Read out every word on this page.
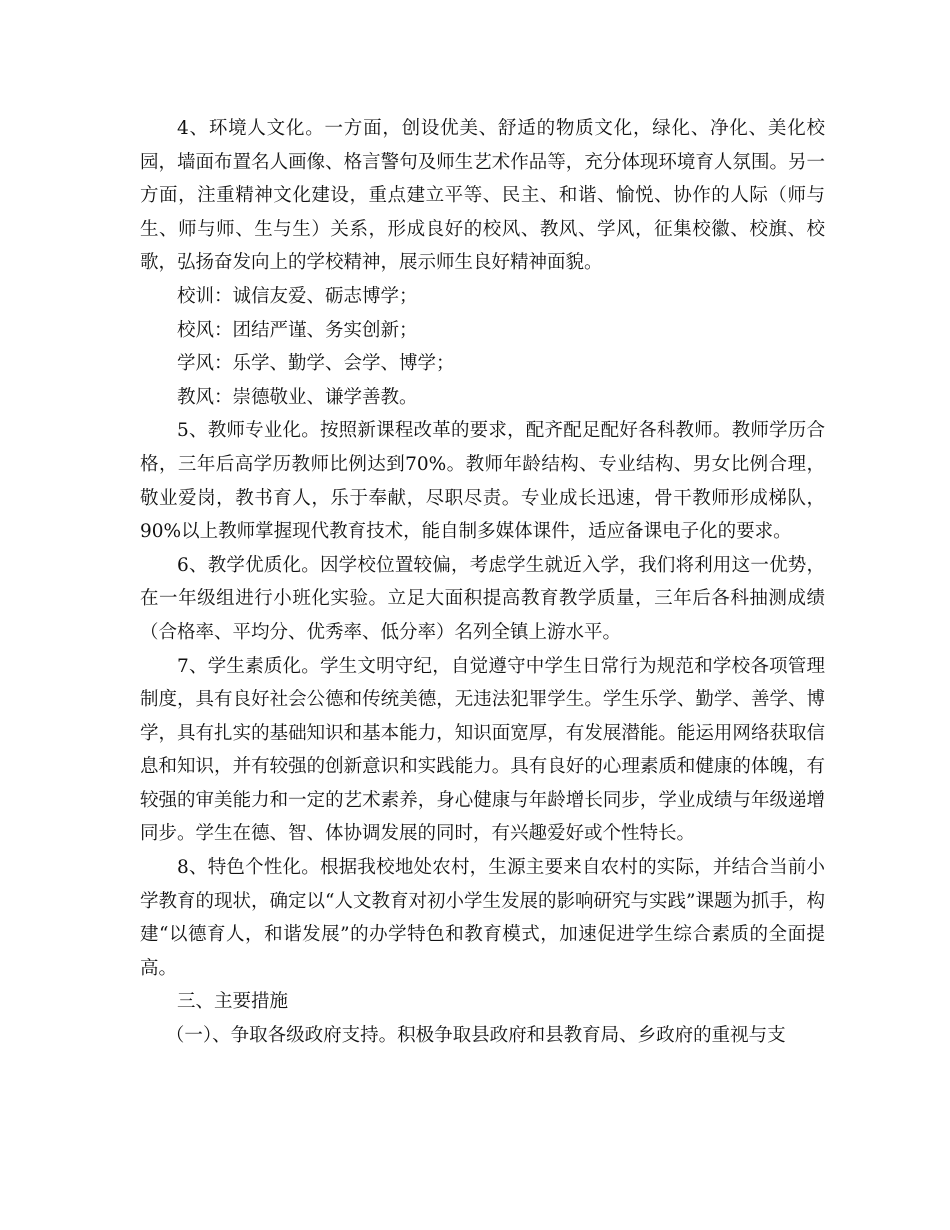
4、环境人文化。一方面，创设优美、舒适的物质文化，绿化、净化、美化校园，墙面布置名人画像、格言警句及师生艺术作品等，充分体现环境育人氛围。另一方面，注重精神文化建设，重点建立平等、民主、和谐、愉悦、协作的人际（师与生、师与师、生与生）关系，形成良好的校风、教风、学风，征集校徽、校旗、校歌，弘扬奋发向上的学校精神，展示师生良好精神面貌。

校训：诚信友爱、砺志博学；

校风：团结严谨、务实创新；

学风：乐学、勤学、会学、博学；

教风：崇德敬业、谦学善教。

5、教师专业化。按照新课程改革的要求，配齐配足配好各科教师。教师学历合格，三年后高学历教师比例达到70%。教师年龄结构、专业结构、男女比例合理，敬业爱岗，教书育人，乐于奉献，尽职尽责。专业成长迅速，骨干教师形成梯队，90%以上教师掌握现代教育技术，能自制多媒体课件，适应备课电子化的要求。

6、教学优质化。因学校位置较偏，考虑学生就近入学，我们将利用这一优势，在一年级组进行小班化实验。立足大面积提高教育教学质量，三年后各科抽测成绩（合格率、平均分、优秀率、低分率）名列全镇上游水平。

7、学生素质化。学生文明守纪，自觉遵守中学生日常行为规范和学校各项管理制度，具有良好社会公德和传统美德，无违法犯罪学生。学生乐学、勤学、善学、博学，具有扎实的基础知识和基本能力，知识面宽厚，有发展潜能。能运用网络获取信息和知识，并有较强的创新意识和实践能力。具有良好的心理素质和健康的体魄，有较强的审美能力和一定的艺术素养，身心健康与年龄增长同步，学业成绩与年级递增同步。学生在德、智、体协调发展的同时，有兴趣爱好或个性特长。

8、特色个性化。根据我校地处农村，生源主要来自农村的实际，并结合当前小学教育的现状，确定以“人文教育对初小学生发展的影响研究与实践”课题为抓手，构建“以德育人，和谐发展”的办学特色和教育模式，加速促进学生综合素质的全面提高。

三、主要措施

（一）、争取各级政府支持。积极争取县政府和县教育局、乡政府的重视与支
